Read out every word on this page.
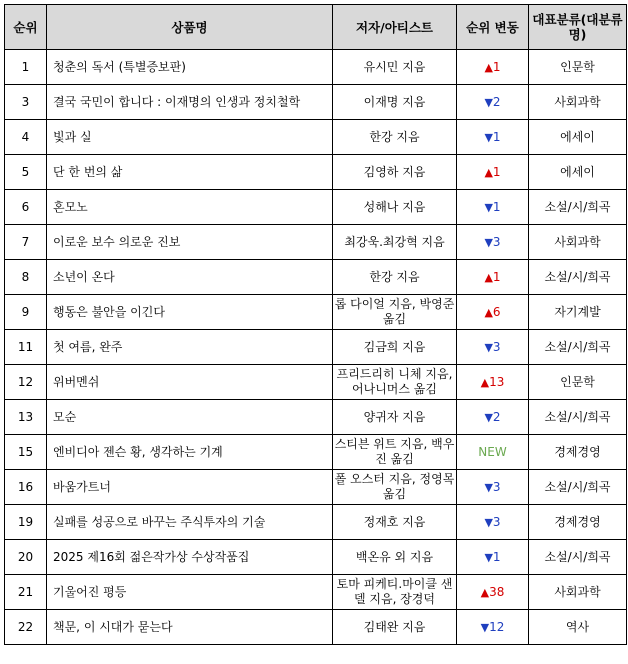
순위	상품명	저자/아티스트	순위 변동	대표분류(대분류명)
1	청춘의 독서 (특별증보판)	유시민 지음	▲1	인문학
3	결국 국민이 합니다 : 이재명의 인생과 정치철학	이재명 지음	▼2	사회과학
4	빛과 실	한강 지음	▼1	에세이
5	단 한 번의 삶	김영하 지음	▲1	에세이
6	혼모노	성해나 지음	▼1	소설/시/희곡
7	이로운 보수 의로운 진보	최강욱.최강혁 지음	▼3	사회과학
8	소년이 온다	한강 지음	▲1	소설/시/희곡
9	행동은 불안을 이긴다	롭 다이얼 지음, 박영준 옮김	▲6	자기계발
11	첫 여름, 완주	김금희 지음	▼3	소설/시/희곡
12	위버멘쉬	프리드리히 니체 지음, 어나니머스 옮김	▲13	인문학
13	모순	양귀자 지음	▼2	소설/시/희곡
15	엔비디아 젠슨 황, 생각하는 기계	스티븐 위트 지음, 백우진 옮김	NEW	경제경영
16	바움가트너	폴 오스터 지음, 정영목 옮김	▼3	소설/시/희곡
19	실패를 성공으로 바꾸는 주식투자의 기술	정재호 지음	▼3	경제경영
20	2025 제16회 젊은작가상 수상작품집	백온유 외 지음	▼1	소설/시/희곡
21	기울어진 평등	토마 피케티.마이클 샌델 지음, 장경덕	▲38	사회과학
22	책문, 이 시대가 묻는다	김태완 지음	▼12	역사
